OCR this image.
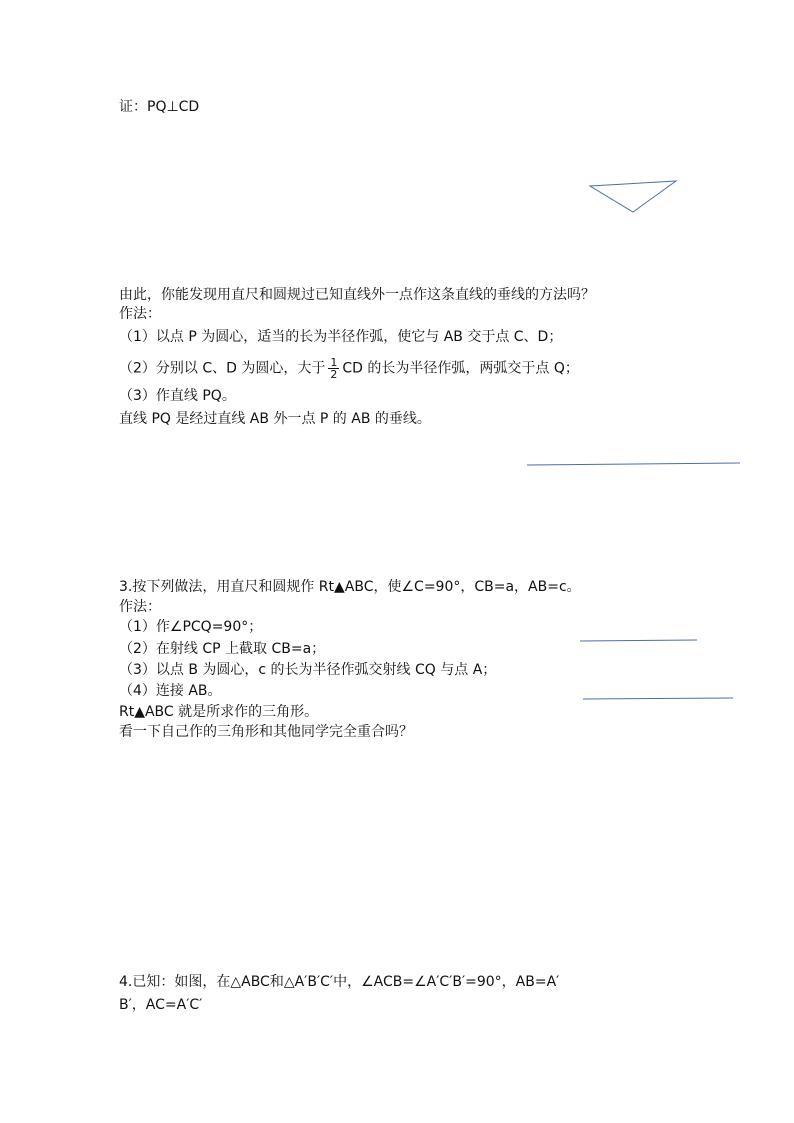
证：PQ⊥CD
由此，你能发现用直尺和圆规过已知直线外一点作这条直线的垂线的方法吗？
作法：
（1）以点 P 为圆心，适当的长为半径作弧，使它与 AB 交于点 C、D；
（2）分别以 C、D 为圆心，大于 $\frac{1}{2}$ CD 的长为半径作弧，两弧交于点 Q；
（3）作直线 PQ。
直线 PQ 是经过直线 AB 外一点 P 的 AB 的垂线。
3.按下列做法，用直尺和圆规作 Rt▲ABC，使∠C=90°，CB=a，AB=c。
作法：
（1）作∠PCQ=90°；
（2）在射线 CP 上截取 CB=a；
（3）以点 B 为圆心，c 的长为半径作弧交射线 CQ 与点 A；
（4）连接 AB。
Rt▲ABC 就是所求作的三角形。
看一下自己作的三角形和其他同学完全重合吗？
4.已知：如图，在△ABC和△A′B′C′中，∠ACB=∠A′C′B′=90°，AB=A′
B′，AC=A′C′
